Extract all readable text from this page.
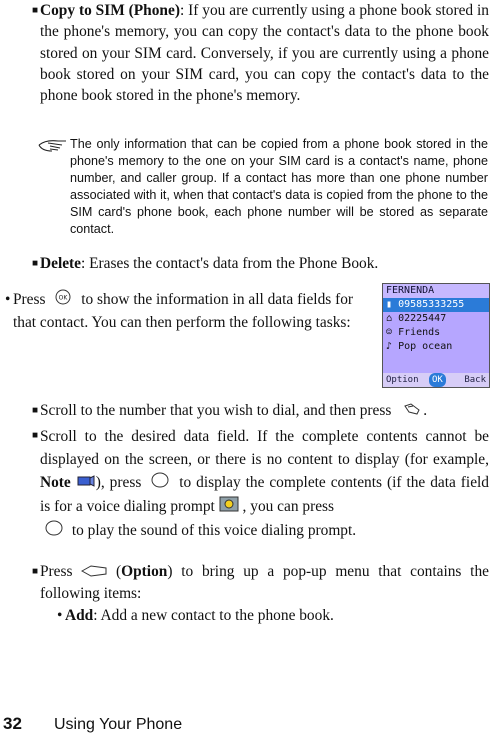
■ Copy to SIM (Phone): If you are currently using a phone book stored in the phone's memory, you can copy the contact's data to the phone book stored on your SIM card. Conversely, if you are currently using a phone book stored on your SIM card, you can copy the contact's data to the phone book stored in the phone's memory.
The only information that can be copied from a phone book stored in the phone's memory to the one on your SIM card is a contact's name, phone number, and caller group. If a contact has more than one phone number associated with it, when that contact's data is copied from the phone to the SIM card's phone book, each phone number will be stored as separate contact.
■ Delete: Erases the contact's data from the Phone Book.
• Press OK to show the information in all data fields for that contact. You can then perform the following tasks:
FERNENDA
▮ 09585333255
⌂ 02225447
☺ Friends
♪ Pop ocean
Option	OK	Back
■ Scroll to the number that you wish to dial, and then press .
■ Scroll to the desired data field. If the complete contents cannot be displayed on the screen, or there is no content to display (for example, Note ), press to display the complete contents (if the data field is for a voice dialing prompt , you can press
to play the sound of this voice dialing prompt.
■ Press  (Option) to bring up a pop-up menu that contains the following items:
• Add: Add a new contact to the phone book.
32 Using Your Phone
